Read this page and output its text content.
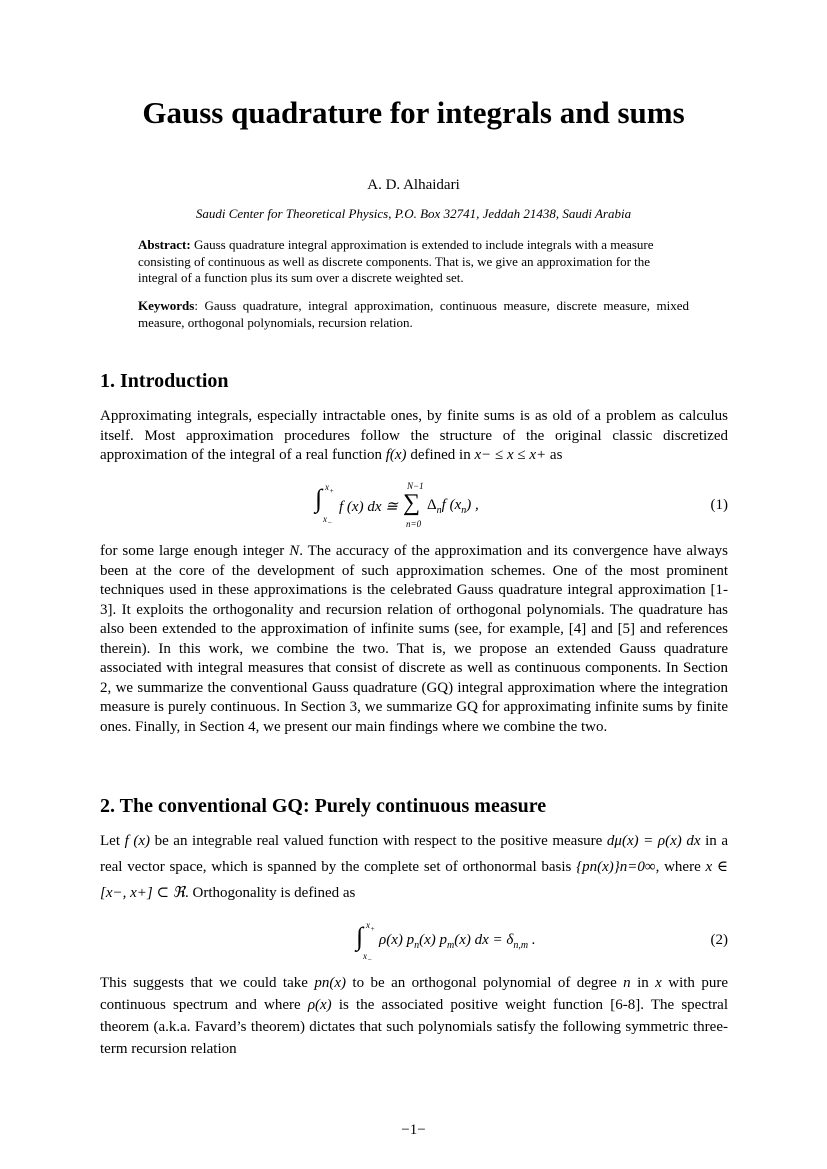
Gauss quadrature for integrals and sums
A. D. Alhaidari
Saudi Center for Theoretical Physics, P.O. Box 32741, Jeddah 21438, Saudi Arabia
Abstract: Gauss quadrature integral approximation is extended to include integrals with a measure consisting of continuous as well as discrete components. That is, we give an approximation for the integral of a function plus its sum over a discrete weighted set.
Keywords: Gauss quadrature, integral approximation, continuous measure, discrete measure, mixed measure, orthogonal polynomials, recursion relation.
1. Introduction
Approximating integrals, especially intractable ones, by finite sums is as old of a problem as calculus itself. Most approximation procedures follow the structure of the original classic discretized approximation of the integral of a real function f(x) defined in x− ≤ x ≤ x+ as
∫ $x_+$
$x_-$
f (x) dx ≅
N−1
∑
n=0
$\Delta_nf$ $(x_n)$ ,	(1)
for some large enough integer N. The accuracy of the approximation and its convergence have always been at the core of the development of such approximation schemes. One of the most prominent techniques used in these approximations is the celebrated Gauss quadrature integral approximation [1-3]. It exploits the orthogonality and recursion relation of orthogonal polynomials. The quadrature has also been extended to the approximation of infinite sums (see, for example, [4] and [5] and references therein). In this work, we combine the two. That is, we propose an extended Gauss quadrature associated with integral measures that consist of discrete as well as continuous components. In Section 2, we summarize the conventional Gauss quadrature (GQ) integral approximation where the integration measure is purely continuous. In Section 3, we summarize GQ for approximating infinite sums by finite ones. Finally, in Section 4, we present our main findings where we combine the two.
2. The conventional GQ: Purely continuous measure
Let f (x) be an integrable real valued function with respect to the positive measure dμ(x) = ρ(x) dx in a real vector space, which is spanned by the complete set of orthonormal basis {pn(x)}n=0∞, where x ∈ [x−, x+] ⊂ ℜ. Orthogonality is defined as
∫ $x_+$
$x_-$
ρ(x) $p_n(x)$ $p_m(x)$ dx = $\delta_{n,m}$ .	(2)
This suggests that we could take pn(x) to be an orthogonal polynomial of degree n in x with pure continuous spectrum and where ρ(x) is the associated positive weight function [6-8]. The spectral theorem (a.k.a. Favard’s theorem) dictates that such polynomials satisfy the following symmetric three-term recursion relation
−1−
